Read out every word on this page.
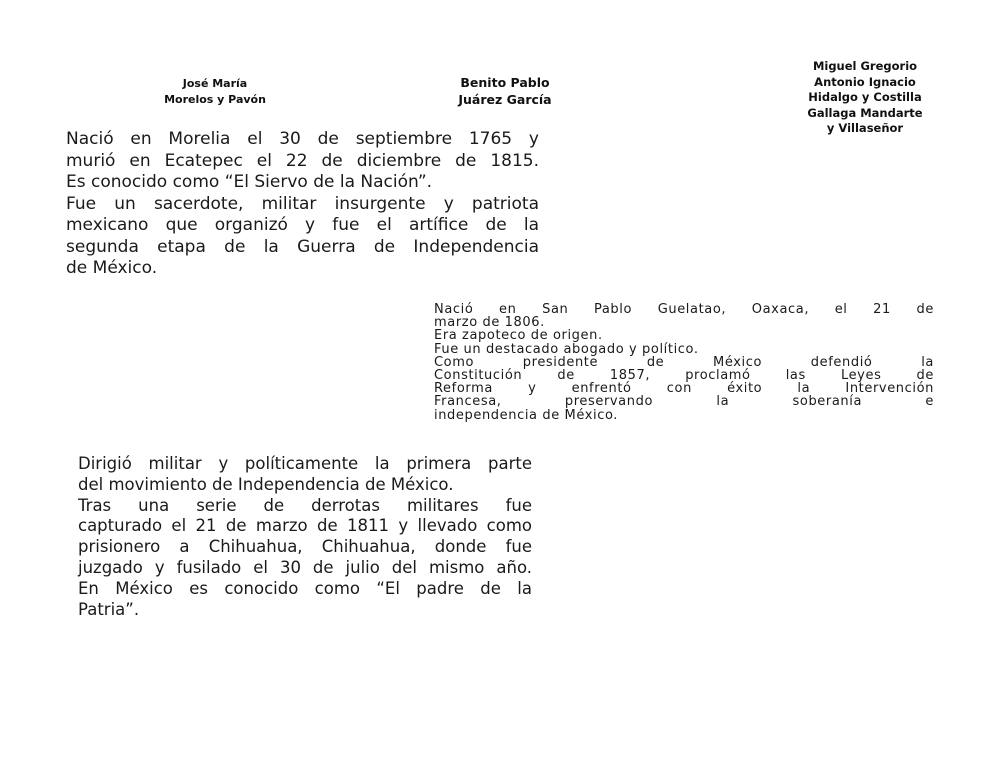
José María
Morelos y Pavón
Benito Pablo
Juárez García
Miguel Gregorio
Antonio Ignacio
Hidalgo y Costilla
Gallaga Mandarte
y Villaseñor
Nació en Morelia el 30 de septiembre 1765 y
murió en Ecatepec el 22 de diciembre de 1815.
Es conocido como “El Siervo de la Nación”.
Fue un sacerdote, militar insurgente y patriota
mexicano que organizó y fue el artífice de la
segunda etapa de la Guerra de Independencia
de México.
Nació en San Pablo Guelatao, Oaxaca, el 21 de
marzo de 1806.
Era zapoteco de origen.
Fue un destacado abogado y político.
Como presidente de México defendió la
Constitución de 1857, proclamó las Leyes de
Reforma y enfrentó con éxito la Intervención
Francesa, preservando la soberanía e
independencia de México.
Dirigió militar y políticamente la primera parte
del movimiento de Independencia de México.
Tras una serie de derrotas militares fue
capturado el 21 de marzo de 1811 y llevado como
prisionero a Chihuahua, Chihuahua, donde fue
juzgado y fusilado el 30 de julio del mismo año.
En México es conocido como “El padre de la
Patria”.
